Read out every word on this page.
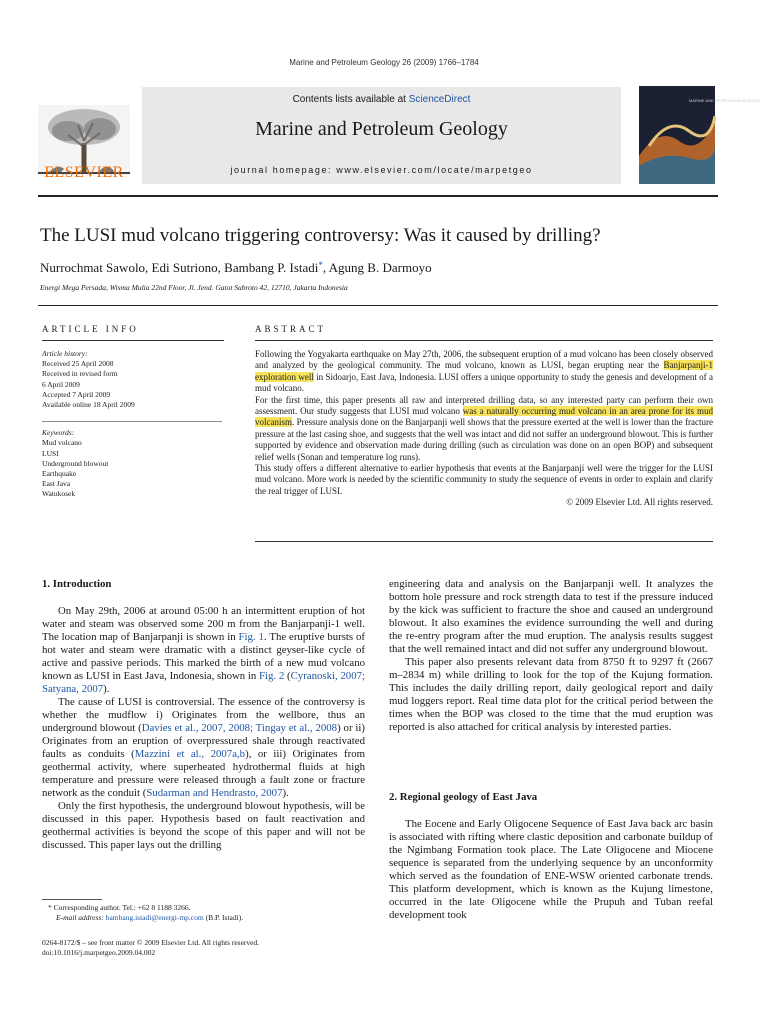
Marine and Petroleum Geology 26 (2009) 1766–1784
ELSEVIER
Contents lists available at ScienceDirect
Marine and Petroleum Geology
journal homepage: www.elsevier.com/locate/marpetgeo
MARINE AND PETROLEUM GEOLOGY
The LUSI mud volcano triggering controversy: Was it caused by drilling?
Nurrochmat Sawolo, Edi Sutriono, Bambang P. Istadi*, Agung B. Darmoyo
Energi Mega Persada, Wisma Mulia 22nd Floor, Jl. Jend. Gatot Subroto 42, 12710, Jakarta Indonesia
ARTICLE INFO
Article history:
Received 25 April 2008
Received in revised form
6 April 2009
Accepted 7 April 2009
Available online 18 April 2009
Keywords:
Mud volcano
LUSI
Underground blowout
Earthquake
East Java
Watukosek
ABSTRACT

Following the Yogyakarta earthquake on May 27th, 2006, the subsequent eruption of a mud volcano has been closely observed and analyzed by the geological community. The mud volcano, known as LUSI, began erupting near the Banjarpanji-1 exploration well in Sidoarjo, East Java, Indonesia. LUSI offers a unique opportunity to study the genesis and development of a mud volcano.

For the first time, this paper presents all raw and interpreted drilling data, so any interested party can perform their own assessment. Our study suggests that LUSI mud volcano was a naturally occurring mud volcano in an area prone for its mud volcanism. Pressure analysis done on the Banjarpanji well shows that the pressure exerted at the well is lower than the fracture pressure at the last casing shoe, and suggests that the well was intact and did not suffer an underground blowout. This is further supported by evidence and observation made during drilling (such as circulation was done on an open BOP) and subsequent relief wells (Sonan and temperature log runs).

This study offers a different alternative to earlier hypothesis that events at the Banjarpanji well were the trigger for the LUSI mud volcano. More work is needed by the scientific community to study the sequence of events in order to explain and clarify the real trigger of LUSI.

© 2009 Elsevier Ltd. All rights reserved.

1. Introduction

On May 29th, 2006 at around 05:00 h an intermittent eruption of hot water and steam was observed some 200 m from the Banjarpanji-1 well. The location map of Banjarpanji is shown in Fig. 1. The eruptive bursts of hot water and steam were dramatic with a distinct geyser-like cycle of active and passive periods. This marked the birth of a new mud volcano known as LUSI in East Java, Indonesia, shown in Fig. 2 (Cyranoski, 2007; Satyana, 2007).

The cause of LUSI is controversial. The essence of the controversy is whether the mudflow i) Originates from the wellbore, thus an underground blowout (Davies et al., 2007, 2008; Tingay et al., 2008) or ii) Originates from an eruption of overpressured shale through reactivated faults as conduits (Mazzini et al., 2007a,b), or iii) Originates from geothermal activity, where superheated hydrothermal fluids at high temperature and pressure were released through a fault zone or fracture network as the conduit (Sudarman and Hendrasto, 2007).

Only the first hypothesis, the underground blowout hypothesis, will be discussed in this paper. Hypothesis based on fault reactivation and geothermal activities is beyond the scope of this paper and will not be discussed. This paper lays out the drilling

engineering data and analysis on the Banjarpanji well. It analyzes the bottom hole pressure and rock strength data to test if the pressure induced by the kick was sufficient to fracture the shoe and caused an underground blowout. It also examines the evidence surrounding the well and during the re-entry program after the mud eruption. The analysis results suggest that the well remained intact and did not suffer any underground blowout.

This paper also presents relevant data from 8750 ft to 9297 ft (2667 m–2834 m) while drilling to look for the top of the Kujung formation. This includes the daily drilling report, daily geological report and daily mud loggers report. Real time data plot for the critical period between the times when the BOP was closed to the time that the mud eruption was reported is also attached for critical analysis by interested parties.

2. Regional geology of East Java

The Eocene and Early Oligocene Sequence of East Java back arc basin is associated with rifting where clastic deposition and carbonate buildup of the Ngimbang Formation took place. The Late Oligocene and Miocene sequence is separated from the underlying sequence by an unconformity which served as the foundation of ENE-WSW oriented carbonate trends. This platform development, which is known as the Kujung limestone, occurred in the late Oligocene while the Prupuh and Tuban reefal development took

* Corresponding author. Tel.: +62 8 1188 3266.
E-mail address: bambang.istadi@energi-mp.com (B.P. Istadi).
0264-8172/$ – see front matter © 2009 Elsevier Ltd. All rights reserved.
doi:10.1016/j.marpetgeo.2009.04.002
